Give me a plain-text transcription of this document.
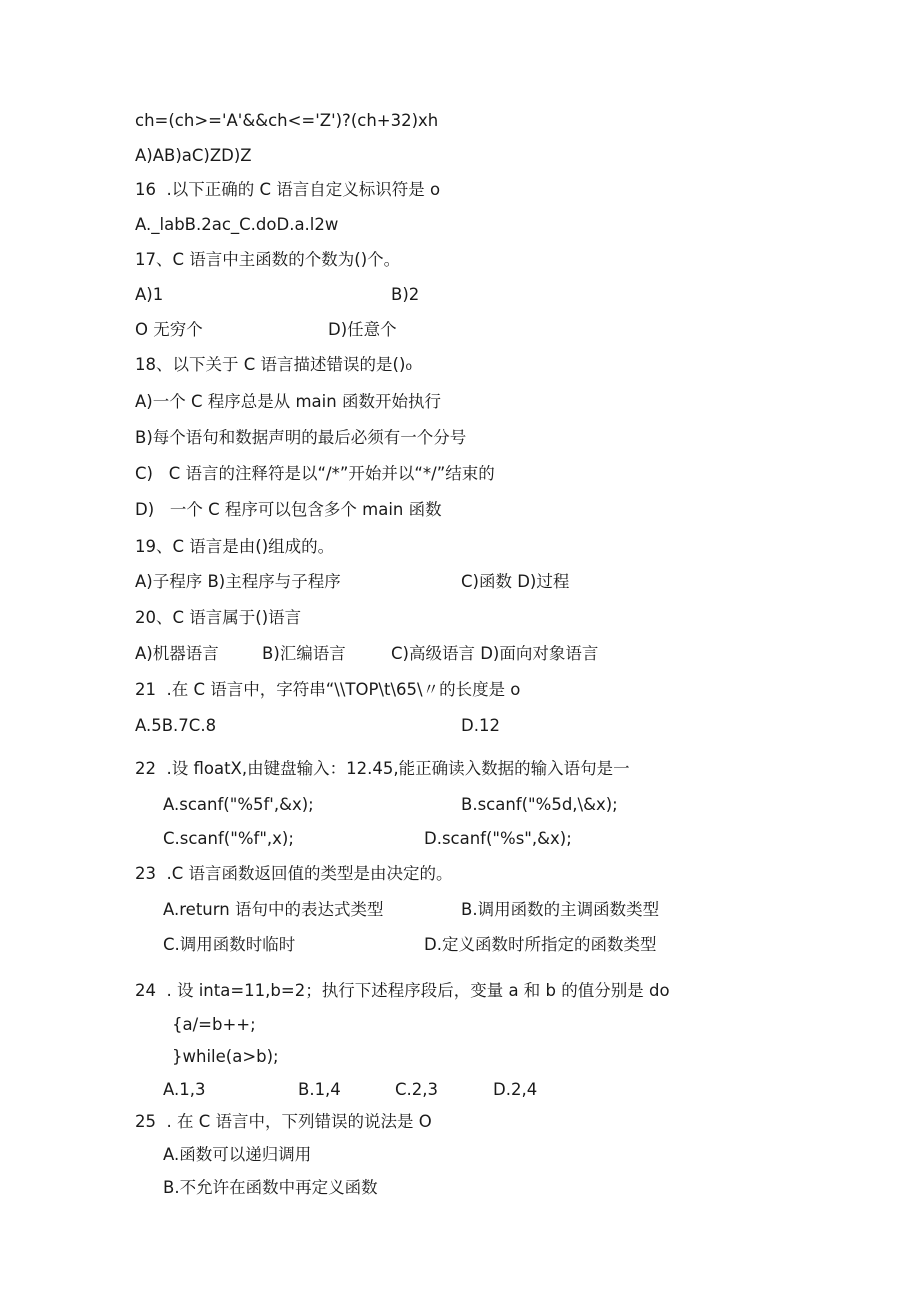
ch=(ch>='A'&&ch<='Z')?(ch+32)xh
A)AB)aC)ZD)Z
16  .以下正确的 C 语言自定义标识符是 o
A._labB.2ac_C.doD.a.l2w
17、C 语言中主函数的个数为()个。
A)1	B)2
O 无穷个	D)任意个
18、以下关于 C 语言描述错误的是()₀
A)一个 C 程序总是从 main 函数开始执行
B)每个语句和数据声明的最后必须有一个分号
C)   C 语言的注释符是以“/*”开始并以“*/”结束的
D)   一个 C 程序可以包含多个 main 函数
19、C 语言是由()组成的。
A)子程序 B)主程序与子程序	C)函数 D)过程
20、C 语言属于()语言
A)机器语言	B)汇编语言	C)高级语言 D)面向对象语言
21  .在 C 语言中，字符串“\\TOP\t\65\〃的长度是 o
A.5B.7C.8	D.12
22  .设 floatX,由键盘输入：12.45,能正确读入数据的输入语句是一
A.scanf("%5f',&x);	B.scanf("%5d,\&x);
C.scanf("%f",x);	D.scanf("%s",&x);
23  .C 语言函数返回值的类型是由决定的。
A.return 语句中的表达式类型	B.调用函数的主调函数类型
C.调用函数时临时	D.定义函数时所指定的函数类型
24  . 设 inta=11,b=2；执行下述程序段后，变量 a 和 b 的值分别是 do
{a/=b++;
}while(a>b);
A.1,3	B.1,4	C.2,3	D.2,4
25  . 在 C 语言中，下列错误的说法是 O
A.函数可以递归调用
B.不允许在函数中再定义函数
